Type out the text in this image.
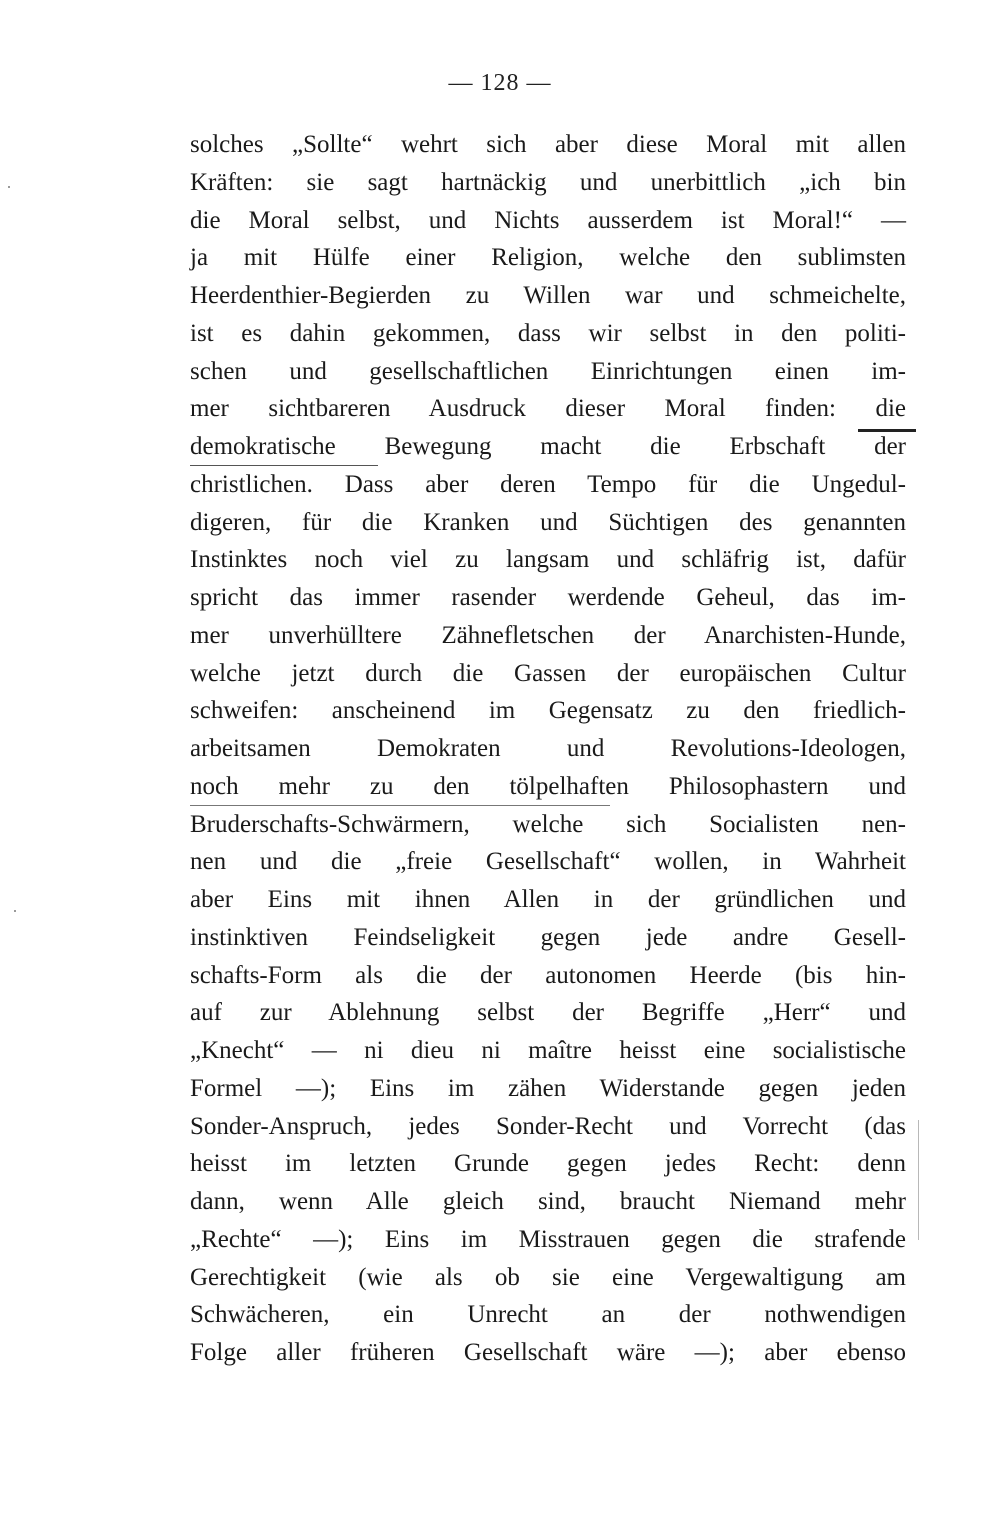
— 128 —
solches „Sollte“ wehrt sich aber diese Moral mit allen
Kräften: sie sagt hartnäckig und unerbittlich „ich bin
die Moral selbst, und Nichts ausserdem ist Moral!“ —
ja mit Hülfe einer Religion, welche den sublimsten
Heerdenthier-Begierden zu Willen war und schmeichelte,
ist es dahin gekommen, dass wir selbst in den politi-
schen und gesellschaftlichen Einrichtungen einen im-
mer sichtbareren Ausdruck dieser Moral finden: die
demokratische Bewegung macht die Erbschaft der
christlichen. Dass aber deren Tempo für die Ungedul-
digeren, für die Kranken und Süchtigen des genannten
Instinktes noch viel zu langsam und schläfrig ist, dafür
spricht das immer rasender werdende Geheul, das im-
mer unverhülltere Zähnefletschen der Anarchisten-Hunde,
welche jetzt durch die Gassen der europäischen Cultur
schweifen: anscheinend im Gegensatz zu den friedlich-
arbeitsamen Demokraten und Revolutions-Ideologen,
noch mehr zu den tölpelhaften Philosophastern und
Bruderschafts-Schwärmern, welche sich Socialisten nen-
nen und die „freie Gesellschaft“ wollen, in Wahrheit
aber Eins mit ihnen Allen in der gründlichen und
instinktiven Feindseligkeit gegen jede andre Gesell-
schafts-Form als die der autonomen Heerde (bis hin-
auf zur Ablehnung selbst der Begriffe „Herr“ und
„Knecht“ — ni dieu ni maître heisst eine socialistische
Formel —); Eins im zähen Widerstande gegen jeden
Sonder-Anspruch, jedes Sonder-Recht und Vorrecht (das
heisst im letzten Grunde gegen jedes Recht: denn
dann, wenn Alle gleich sind, braucht Niemand mehr
„Rechte“ —); Eins im Misstrauen gegen die strafende
Gerechtigkeit (wie als ob sie eine Vergewaltigung am
Schwächeren, ein Unrecht an der nothwendigen
Folge aller früheren Gesellschaft wäre —); aber ebenso
